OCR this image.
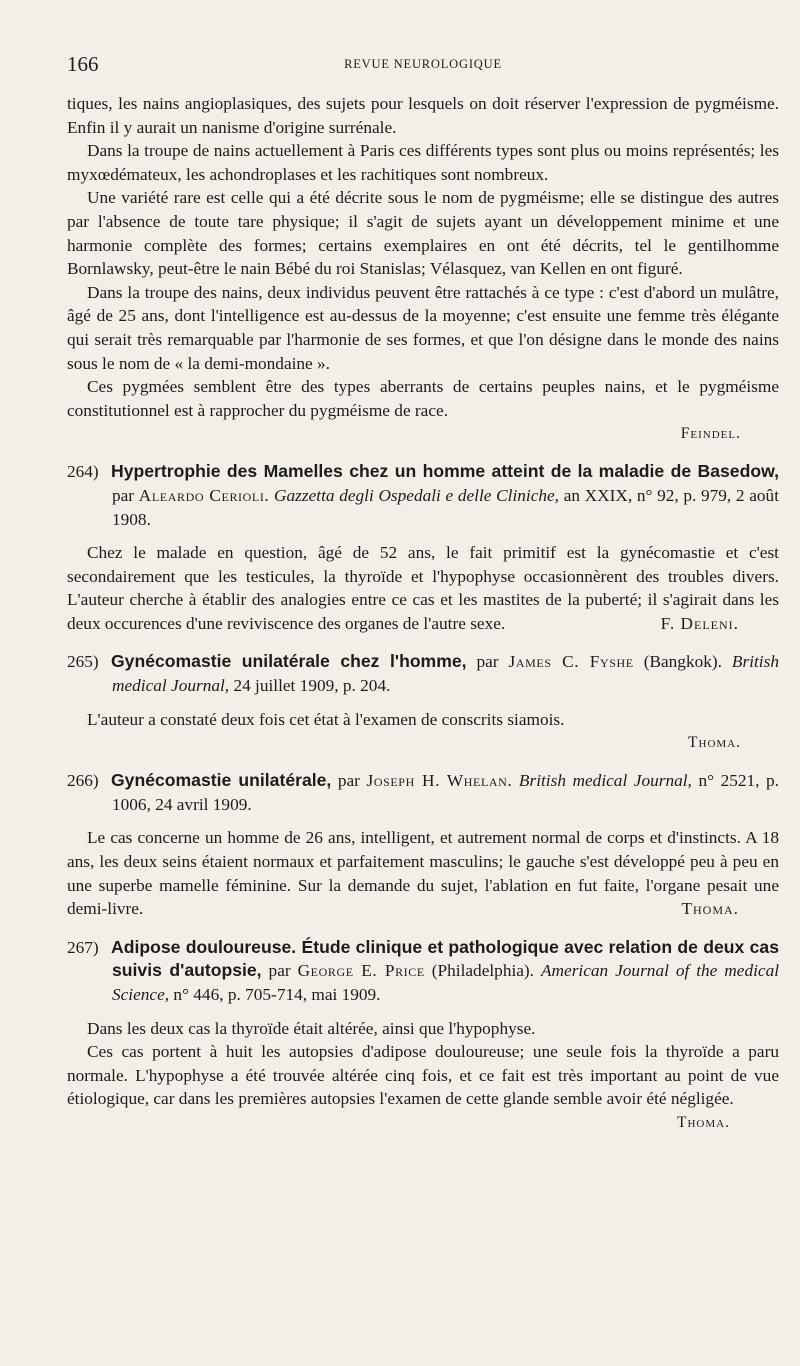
166	REVUE NEUROLOGIQUE

tiques, les nains angioplasiques, des sujets pour lesquels on doit réserver l'expression de pygméisme. Enfin il y aurait un nanisme d'origine surrénale.

Dans la troupe de nains actuellement à Paris ces différents types sont plus ou moins représentés; les myxœdémateux, les achondroplases et les rachitiques sont nombreux.

Une variété rare est celle qui a été décrite sous le nom de pygméisme; elle se distingue des autres par l'absence de toute tare physique; il s'agit de sujets ayant un développement minime et une harmonie complète des formes; certains exemplaires en ont été décrits, tel le gentilhomme Bornlawsky, peut-être le nain Bébé du roi Stanislas; Vélasquez, van Kellen en ont figuré.

Dans la troupe des nains, deux individus peuvent être rattachés à ce type : c'est d'abord un mulâtre, âgé de 25 ans, dont l'intelligence est au-dessus de la moyenne; c'est ensuite une femme très élégante qui serait très remarquable par l'harmonie de ses formes, et que l'on désigne dans le monde des nains sous le nom de « la demi-mondaine ».

Ces pygmées semblent être des types aberrants de certains peuples nains, et le pygméisme constitutionnel est à rapprocher du pygméisme de race.

Feindel.
264) Hypertrophie des Mamelles chez un homme atteint de la maladie de Basedow, par Aleardo Cerioli. Gazzetta degli Ospedali e delle Cliniche, an XXIX, n° 92, p. 979, 2 août 1908.

Chez le malade en question, âgé de 52 ans, le fait primitif est la gynécomastie et c'est secondairement que les testicules, la thyroïde et l'hypophyse occasionnèrent des troubles divers. L'auteur cherche à établir des analogies entre ce cas et les mastites de la puberté; il s'agirait dans les deux occurences d'une reviviscence des organes de l'autre sexe.	F. Deleni.

265) Gynécomastie unilatérale chez l'homme, par James C. Fyshe (Bangkok). British medical Journal, 24 juillet 1909, p. 204.

L'auteur a constaté deux fois cet état à l'examen de conscrits siamois.

Thoma.
266) Gynécomastie unilatérale, par Joseph H. Whelan. British medical Journal, n° 2521, p. 1006, 24 avril 1909.

Le cas concerne un homme de 26 ans, intelligent, et autrement normal de corps et d'instincts. A 18 ans, les deux seins étaient normaux et parfaitement masculins; le gauche s'est développé peu à peu en une superbe mamelle féminine. Sur la demande du sujet, l'ablation en fut faite, l'organe pesait une demi-livre.	Thoma.

267) Adipose douloureuse. Étude clinique et pathologique avec relation de deux cas suivis d'autopsie, par George E. Price (Philadelphia). American Journal of the medical Science, n° 446, p. 705-714, mai 1909.

Dans les deux cas la thyroïde était altérée, ainsi que l'hypophyse.

Ces cas portent à huit les autopsies d'adipose douloureuse; une seule fois la thyroïde a paru normale. L'hypophyse a été trouvée altérée cinq fois, et ce fait est très important au point de vue étiologique, car dans les premières autopsies l'examen de cette glande semble avoir été négligée.

Thoma.
